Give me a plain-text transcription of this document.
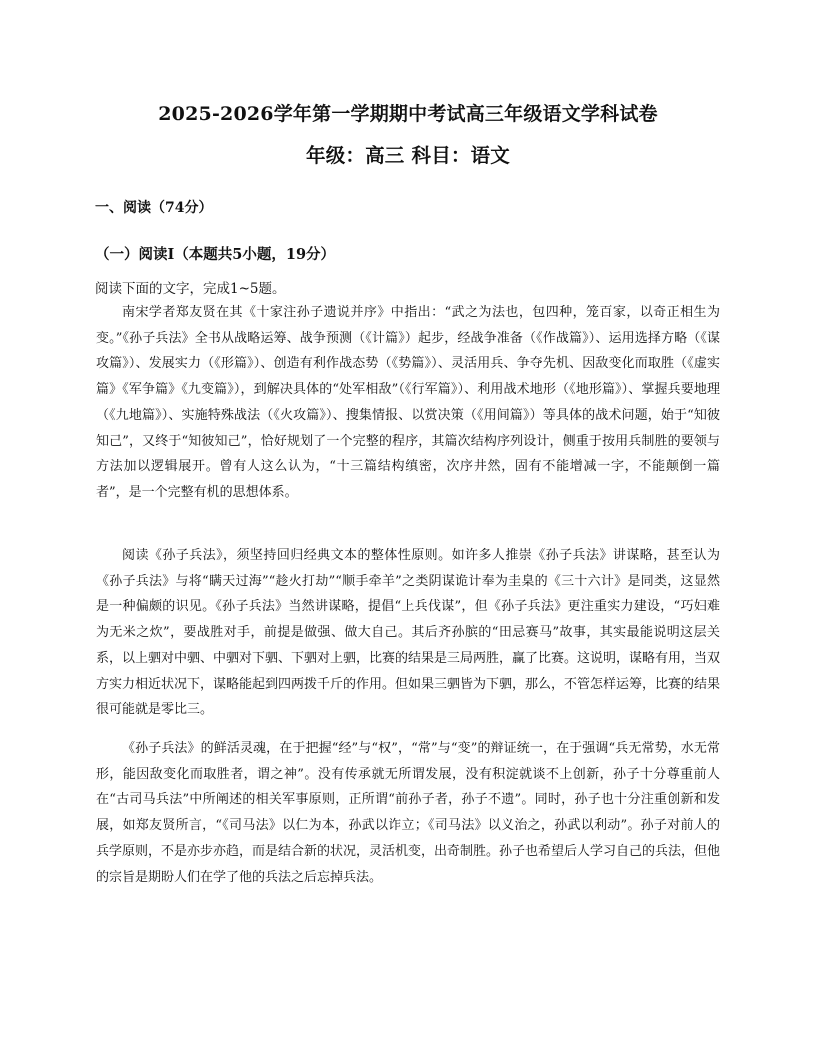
2025-2026学年第一学期期中考试高三年级语文学科试卷
年级：高三 科目：语文
一、阅读（74分）
（一）阅读Ⅰ（本题共5小题，19分）
阅读下面的文字，完成1~5题。

南宋学者郑友贤在其《十家注孙子遗说并序》中指出：“武之为法也，包四种，笼百家，以奇正相生为变。”《孙子兵法》全书从战略运筹、战争预测（《计篇》）起步，经战争准备（《作战篇》）、运用选择方略（《谋攻篇》）、发展实力（《形篇》）、创造有利作战态势（《势篇》）、灵活用兵、争夺先机、因敌变化而取胜（《虚实篇》《军争篇》《九变篇》），到解决具体的“处军相敌”（《行军篇》）、利用战术地形（《地形篇》）、掌握兵要地理（《九地篇》）、实施特殊战法（《火攻篇》）、搜集情报、以赏决策（《用间篇》）等具体的战术问题，始于“知彼知己”，又终于“知彼知己”，恰好规划了一个完整的程序，其篇次结构序列设计，侧重于按用兵制胜的要领与方法加以逻辑展开。曾有人这么认为，“十三篇结构缜密，次序井然，固有不能增减一字，不能颠倒一篇者”，是一个完整有机的思想体系。

阅读《孙子兵法》，须坚持回归经典文本的整体性原则。如许多人推崇《孙子兵法》讲谋略，甚至认为《孙子兵法》与将“瞒天过海”“趁火打劫”“顺手牵羊”之类阴谋诡计奉为圭臬的《三十六计》是同类，这显然是一种偏颇的识见。《孙子兵法》当然讲谋略，提倡“上兵伐谋”，但《孙子兵法》更注重实力建设，“巧妇难为无米之炊”，要战胜对手，前提是做强、做大自己。其后齐孙膑的“田忌赛马”故事，其实最能说明这层关系，以上驷对中驷、中驷对下驷、下驷对上驷，比赛的结果是三局两胜，赢了比赛。这说明，谋略有用，当双方实力相近状况下，谋略能起到四两拨千斤的作用。但如果三驷皆为下驷，那么，不管怎样运筹，比赛的结果很可能就是零比三。

《孙子兵法》的鲜活灵魂，在于把握“经”与“权”，“常”与“变”的辩证统一，在于强调“兵无常势，水无常形，能因敌变化而取胜者，谓之神”。没有传承就无所谓发展，没有积淀就谈不上创新，孙子十分尊重前人在“古司马兵法”中所阐述的相关军事原则，正所谓“前孙子者，孙子不遗”。同时，孙子也十分注重创新和发展，如郑友贤所言，“《司马法》以仁为本，孙武以诈立；《司马法》以义治之，孙武以利动”。孙子对前人的兵学原则，不是亦步亦趋，而是结合新的状况，灵活机变，出奇制胜。孙子也希望后人学习自己的兵法，但他的宗旨是期盼人们在学了他的兵法之后忘掉兵法。
